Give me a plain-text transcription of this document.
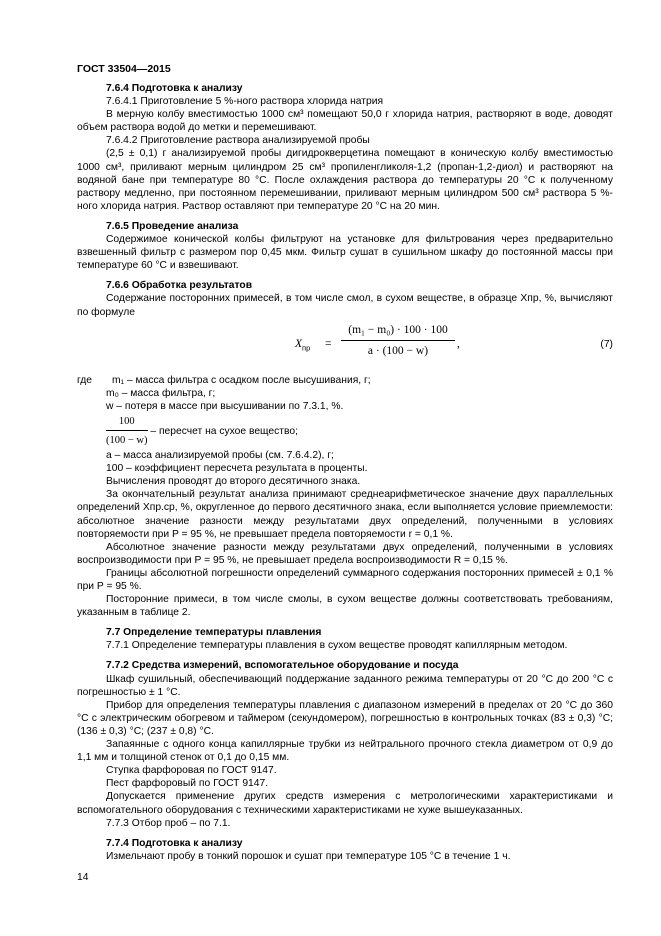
ГОСТ 33504—2015

7.6.4 Подготовка к анализу

7.6.4.1 Приготовление 5 %-ного раствора хлорида натрия

В мерную колбу вместимостью 1000 см³ помещают 50,0 г хлорида натрия, растворяют в воде, доводят объем раствора водой до метки и перемешивают.

7.6.4.2 Приготовление раствора анализируемой пробы

(2,5 ± 0,1) г анализируемой пробы дигидрокверцетина помещают в коническую колбу вместимостью 1000 см³, приливают мерным цилиндром 25 см³ пропиленгликоля-1,2 (пропан-1,2-диол) и растворяют на водяной бане при температуре 80 °С. После охлаждения раствора до температуры 20 °С к полученному раствору медленно, при постоянном перемешивании, приливают мерным цилиндром 500 см³ раствора 5 %-ного хлорида натрия. Раствор оставляют при температуре 20 °С на 20 мин.

7.6.5 Проведение анализа

Содержимое конической колбы фильтруют на установке для фильтрования через предварительно взвешенный фильтр с размером пор 0,45 мкм. Фильтр сушат в сушильном шкафу до постоянной массы при температуре 60 °С и взвешивают.

7.6.6 Обработка результатов

Содержание посторонних примесей, в том числе смол, в сухом веществе, в образце Xпр, %, вычисляют по формуле

$X_{пр} = \frac{\text{(m₁ − m₀) · 100 · 100}}{a \cdot (100 - w)}$ ,	(7)

где m₁ – масса фильтра с осадком после высушивания, г;

m₀ – масса фильтра, г;

w – потеря в массе при высушивании по 7.3.1, %.

$\frac{100}{(100 - w)}$ – пересчет на сухое вещество;

a – масса анализируемой пробы (см. 7.6.4.2), г;

100 – коэффициент пересчета результата в проценты.

Вычисления проводят до второго десятичного знака.

За окончательный результат анализа принимают среднеарифметическое значение двух параллельных определений Xпр.ср, %, округленное до первого десятичного знака, если выполняется условие приемлемости: абсолютное значение разности между результатами двух определений, полученными в условиях повторяемости при P = 95 %, не превышает предела повторяемости r = 0,1 %.

Абсолютное значение разности между результатами двух определений, полученными в условиях воспроизводимости при P = 95 %, не превышает предела воспроизводимости R = 0,15 %.

Границы абсолютной погрешности определений суммарного содержания посторонних примесей ± 0,1 % при P = 95 %.

Посторонние примеси, в том числе смолы, в сухом веществе должны соответствовать требованиям, указанным в таблице 2.

7.7 Определение температуры плавления

7.7.1 Определение температуры плавления в сухом веществе проводят капиллярным методом.

7.7.2 Средства измерений, вспомогательное оборудование и посуда

Шкаф сушильный, обеспечивающий поддержание заданного режима температуры от 20 °С до 200 °С с погрешностью ± 1 °С.

Прибор для определения температуры плавления с диапазоном измерений в пределах от 20 °С до 360 °С с электрическим обогревом и таймером (секундомером), погрешностью в контрольных точках (83 ± 0,3) °С; (136 ± 0,3) °С; (237 ± 0,8) °С.

Запаянные с одного конца капиллярные трубки из нейтрального прочного стекла диаметром от 0,9 до 1,1 мм и толщиной стенок от 0,1 до 0,15 мм.

Ступка фарфоровая по ГОСТ 9147.

Пест фарфоровый по ГОСТ 9147.

Допускается применение других средств измерения с метрологическими характеристиками и вспомогательного оборудования с техническими характеристиками не хуже вышеуказанных.

7.7.3 Отбор проб – по 7.1.

7.7.4 Подготовка к анализу

Измельчают пробу в тонкий порошок и сушат при температуре 105 °С в течение 1 ч.

14
